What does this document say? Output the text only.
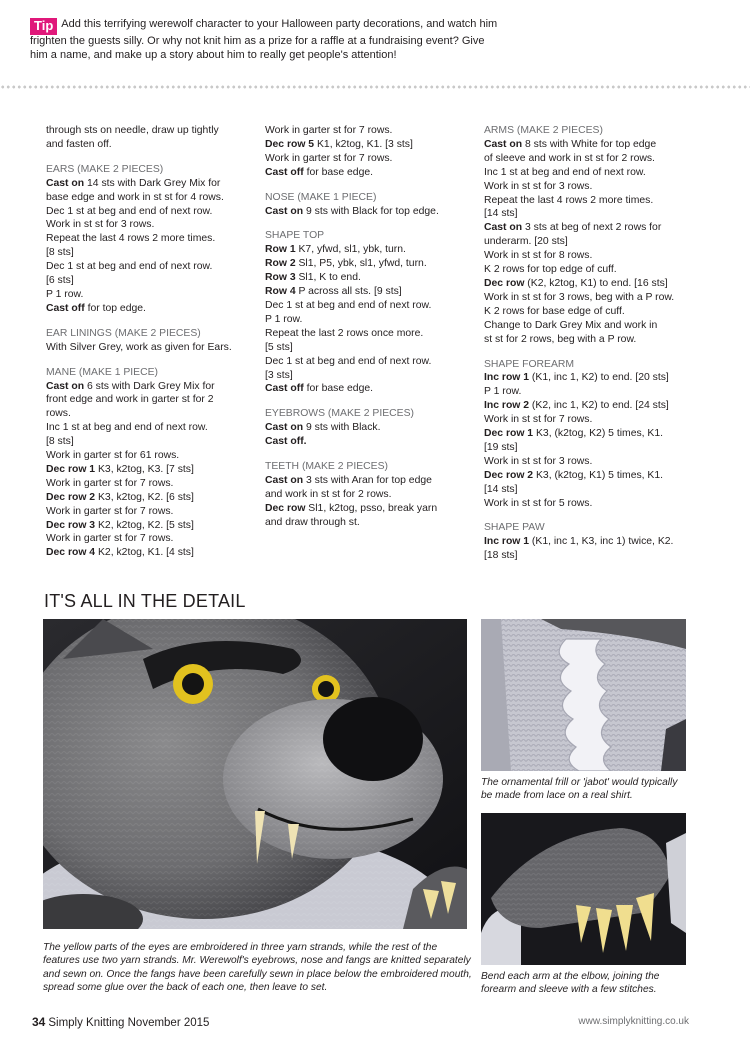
Tip Add this terrifying werewolf character to your Halloween party decorations, and watch him frighten the guests silly. Or why not knit him as a prize for a raffle at a fundraising event? Give him a name, and make up a story about him to really get people's attention!
through sts on needle, draw up tightly
and fasten off.
EARS (MAKE 2 PIECES)
Cast on 14 sts with Dark Grey Mix for
base edge and work in st st for 4 rows.
Dec 1 st at beg and end of next row.
Work in st st for 3 rows.
Repeat the last 4 rows 2 more times.
[8 sts]
Dec 1 st at beg and end of next row.
[6 sts]
P 1 row.
Cast off for top edge.
EAR LININGS (MAKE 2 PIECES)
With Silver Grey, work as given for Ears.
MANE (MAKE 1 PIECE)
Cast on 6 sts with Dark Grey Mix for
front edge and work in garter st for 2
rows.
Inc 1 st at beg and end of next row.
[8 sts]
Work in garter st for 61 rows.
Dec row 1 K3, k2tog, K3. [7 sts]
Work in garter st for 7 rows.
Dec row 2 K3, k2tog, K2. [6 sts]
Work in garter st for 7 rows.
Dec row 3 K2, k2tog, K2. [5 sts]
Work in garter st for 7 rows.
Dec row 4 K2, k2tog, K1. [4 sts]
Work in garter st for 7 rows.
Dec row 5 K1, k2tog, K1. [3 sts]
Work in garter st for 7 rows.
Cast off for base edge.
NOSE (MAKE 1 PIECE)
Cast on 9 sts with Black for top edge.
SHAPE TOP
Row 1 K7, yfwd, sl1, ybk, turn.
Row 2 Sl1, P5, ybk, sl1, yfwd, turn.
Row 3 Sl1, K to end.
Row 4 P across all sts. [9 sts]
Dec 1 st at beg and end of next row.
P 1 row.
Repeat the last 2 rows once more.
[5 sts]
Dec 1 st at beg and end of next row.
[3 sts]
Cast off for base edge.
EYEBROWS (MAKE 2 PIECES)
Cast on 9 sts with Black.
Cast off.
TEETH (MAKE 2 PIECES)
Cast on 3 sts with Aran for top edge
and work in st st for 2 rows.
Dec row Sl1, k2tog, psso, break yarn
and draw through st.
ARMS (MAKE 2 PIECES)
Cast on 8 sts with White for top edge
of sleeve and work in st st for 2 rows.
Inc 1 st at beg and end of next row.
Work in st st for 3 rows.
Repeat the last 4 rows 2 more times.
[14 sts]
Cast on 3 sts at beg of next 2 rows for
underarm. [20 sts]
Work in st st for 8 rows.
K 2 rows for top edge of cuff.
Dec row (K2, k2tog, K1) to end. [16 sts]
Work in st st for 3 rows, beg with a P row.
K 2 rows for base edge of cuff.
Change to Dark Grey Mix and work in
st st for 2 rows, beg with a P row.
SHAPE FOREARM
Inc row 1 (K1, inc 1, K2) to end. [20 sts]
P 1 row.
Inc row 2 (K2, inc 1, K2) to end. [24 sts]
Work in st st for 7 rows.
Dec row 1 K3, (k2tog, K2) 5 times, K1.
[19 sts]
Work in st st for 3 rows.
Dec row 2 K3, (k2tog, K1) 5 times, K1.
[14 sts]
Work in st st for 5 rows.
SHAPE PAW
Inc row 1 (K1, inc 1, K3, inc 1) twice, K2.
[18 sts]
IT'S ALL IN THE DETAIL
The ornamental frill or 'jabot' would typically be made from lace on a real shirt.
Bend each arm at the elbow, joining the forearm and sleeve with a few stitches.
The yellow parts of the eyes are embroidered in three yarn strands, while the rest of the features use two yarn strands. Mr. Werewolf's eyebrows, nose and fangs are knitted separately and sewn on. Once the fangs have been carefully sewn in place below the embroidered mouth, spread some glue over the back of each one, then leave to set.
34 Simply Knitting November 2015	www.simplyknitting.co.uk
